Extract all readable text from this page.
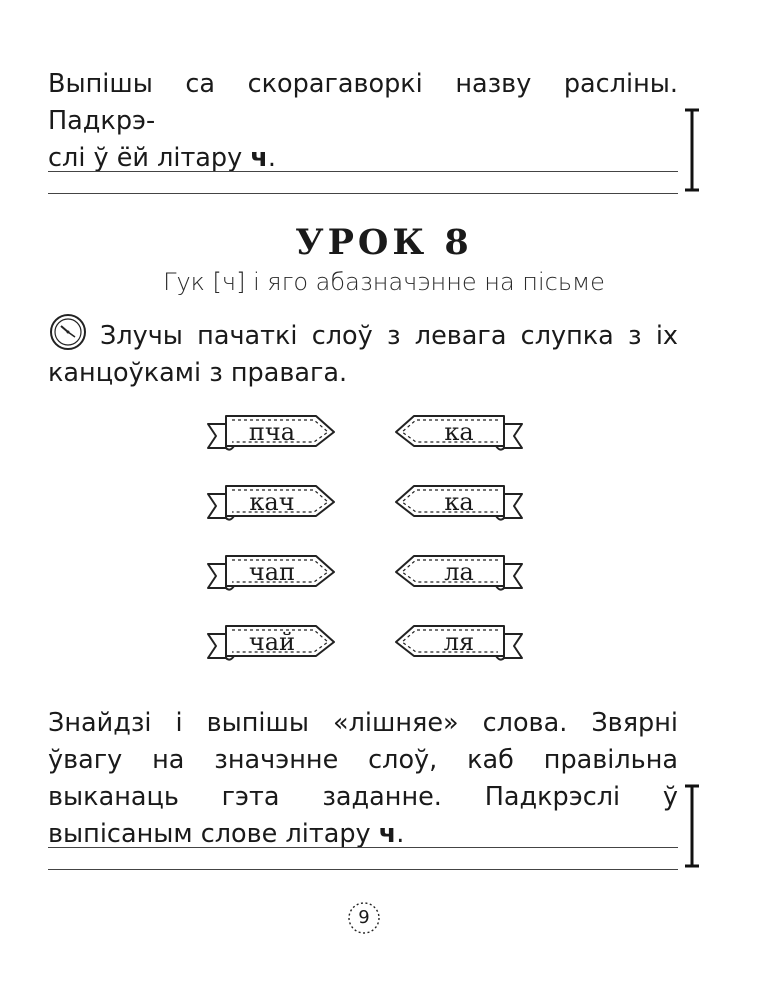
Выпішы са скорагаворкі назву расліны. Падкрэ-
слі ў ёй літару ч.
УРОК 8
Гук [ч] і яго абазначэнне на пісьме
Злучы пачаткі слоў з левага слупка з іх канцоўкамі з правага.
пча
кач
чап
чай
ка
ка
ла
ля
Знайдзі і выпішы «лішняе» слова. Звярні ўвагу на значэнне слоў, каб правільна выканаць гэта заданне. Падкрэслі ў выпісаным слове літару ч.
9
